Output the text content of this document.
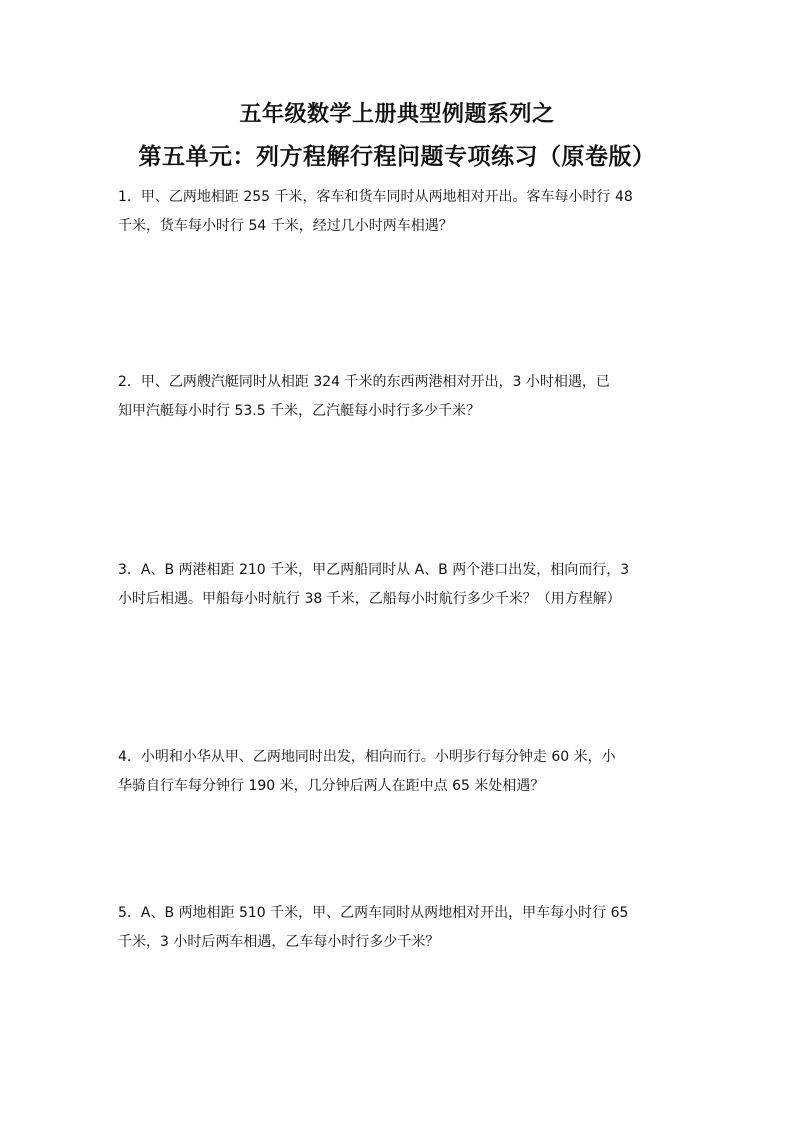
五年级数学上册典型例题系列之
第五单元：列方程解行程问题专项练习（原卷版）
1．甲、乙两地相距 255 千米，客车和货车同时从两地相对开出。客车每小时行 48
千米，货车每小时行 54 千米，经过几小时两车相遇？
2．甲、乙两艘汽艇同时从相距 324 千米的东西两港相对开出，3 小时相遇，已
知甲汽艇每小时行 53.5 千米，乙汽艇每小时行多少千米？
3．A、B 两港相距 210 千米，甲乙两船同时从 A、B 两个港口出发，相向而行，3
小时后相遇。甲船每小时航行 38 千米，乙船每小时航行多少千米？（用方程解）
4．小明和小华从甲、乙两地同时出发，相向而行。小明步行每分钟走 60 米，小
华骑自行车每分钟行 190 米，几分钟后两人在距中点 65 米处相遇？
5．A、B 两地相距 510 千米，甲、乙两车同时从两地相对开出，甲车每小时行 65
千米，3 小时后两车相遇，乙车每小时行多少千米？
